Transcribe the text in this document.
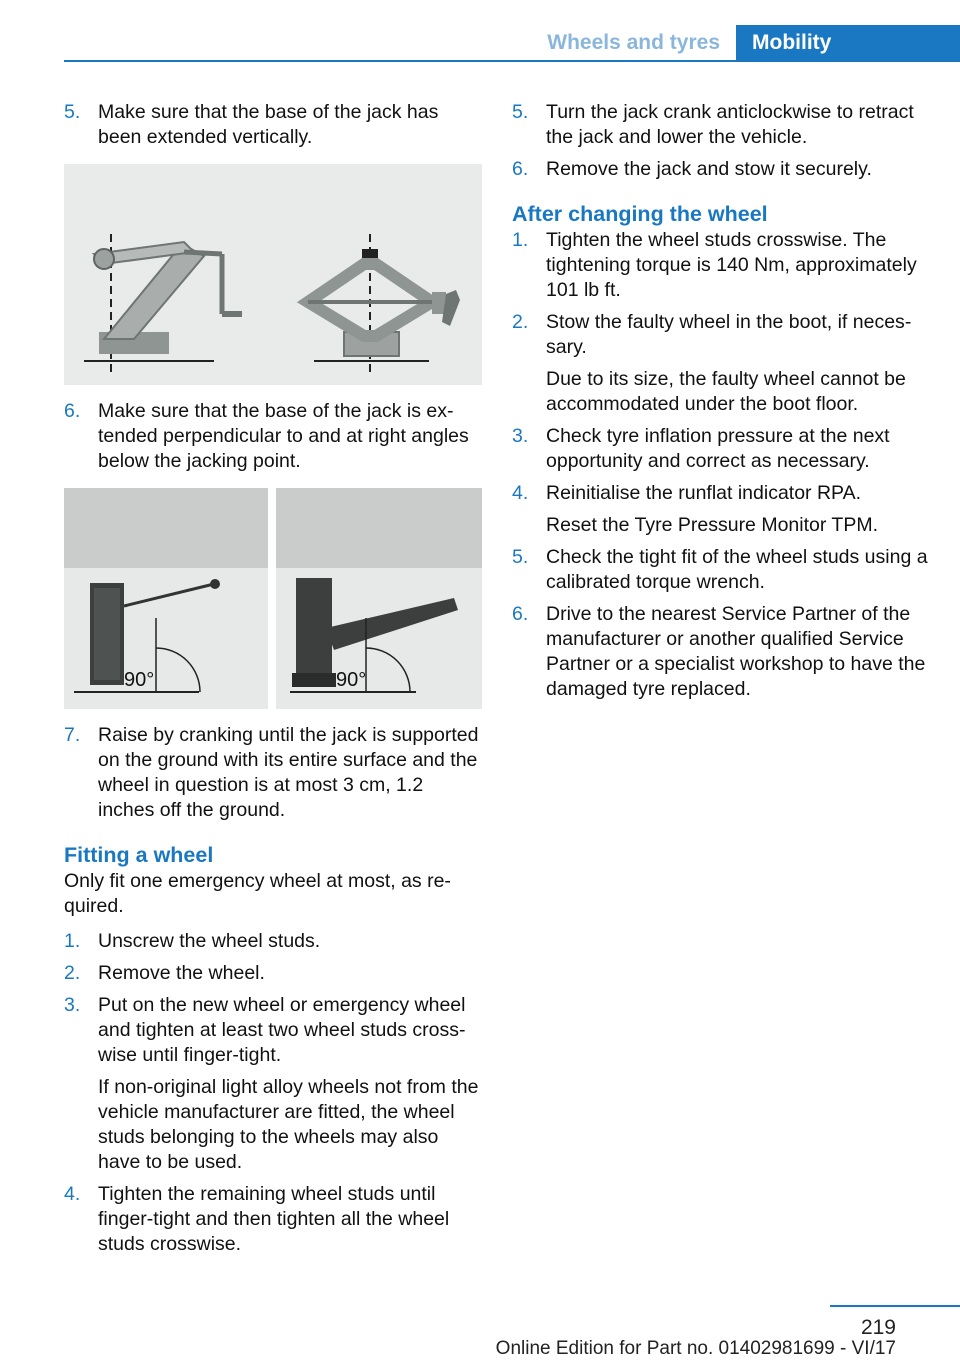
Wheels and tyres	Mobility
5. Make sure that the base of the jack has been extended vertically.
6. Make sure that the base of the jack is extended perpendicular to and at right angles below the jacking point.
90°	90°
7. Raise by cranking until the jack is supported on the ground with its entire surface and the wheel in question is at most 3 cm, 1.2 inches off the ground.
Fitting a wheel
Only fit one emergency wheel at most, as required.
1. Unscrew the wheel studs.
2. Remove the wheel.
3. Put on the new wheel or emergency wheel and tighten at least two wheel studs crosswise until finger-tight.
If non-original light alloy wheels not from the vehicle manufacturer are fitted, the wheel studs belonging to the wheels may also have to be used.
4. Tighten the remaining wheel studs until finger-tight and then tighten all the wheel studs crosswise.
5. Turn the jack crank anticlockwise to retract the jack and lower the vehicle.
6. Remove the jack and stow it securely.
After changing the wheel
1. Tighten the wheel studs crosswise. The tightening torque is 140 Nm, approximately 101 lb ft.
2. Stow the faulty wheel in the boot, if necessary.
Due to its size, the faulty wheel cannot be accommodated under the boot floor.
3. Check tyre inflation pressure at the next opportunity and correct as necessary.
4. Reinitialise the runflat indicator RPA.
Reset the Tyre Pressure Monitor TPM.
5. Check the tight fit of the wheel studs using a calibrated torque wrench.
6. Drive to the nearest Service Partner of the manufacturer or another qualified Service Partner or a specialist workshop to have the damaged tyre replaced.
219
Online Edition for Part no. 01402981699 - VI/17
